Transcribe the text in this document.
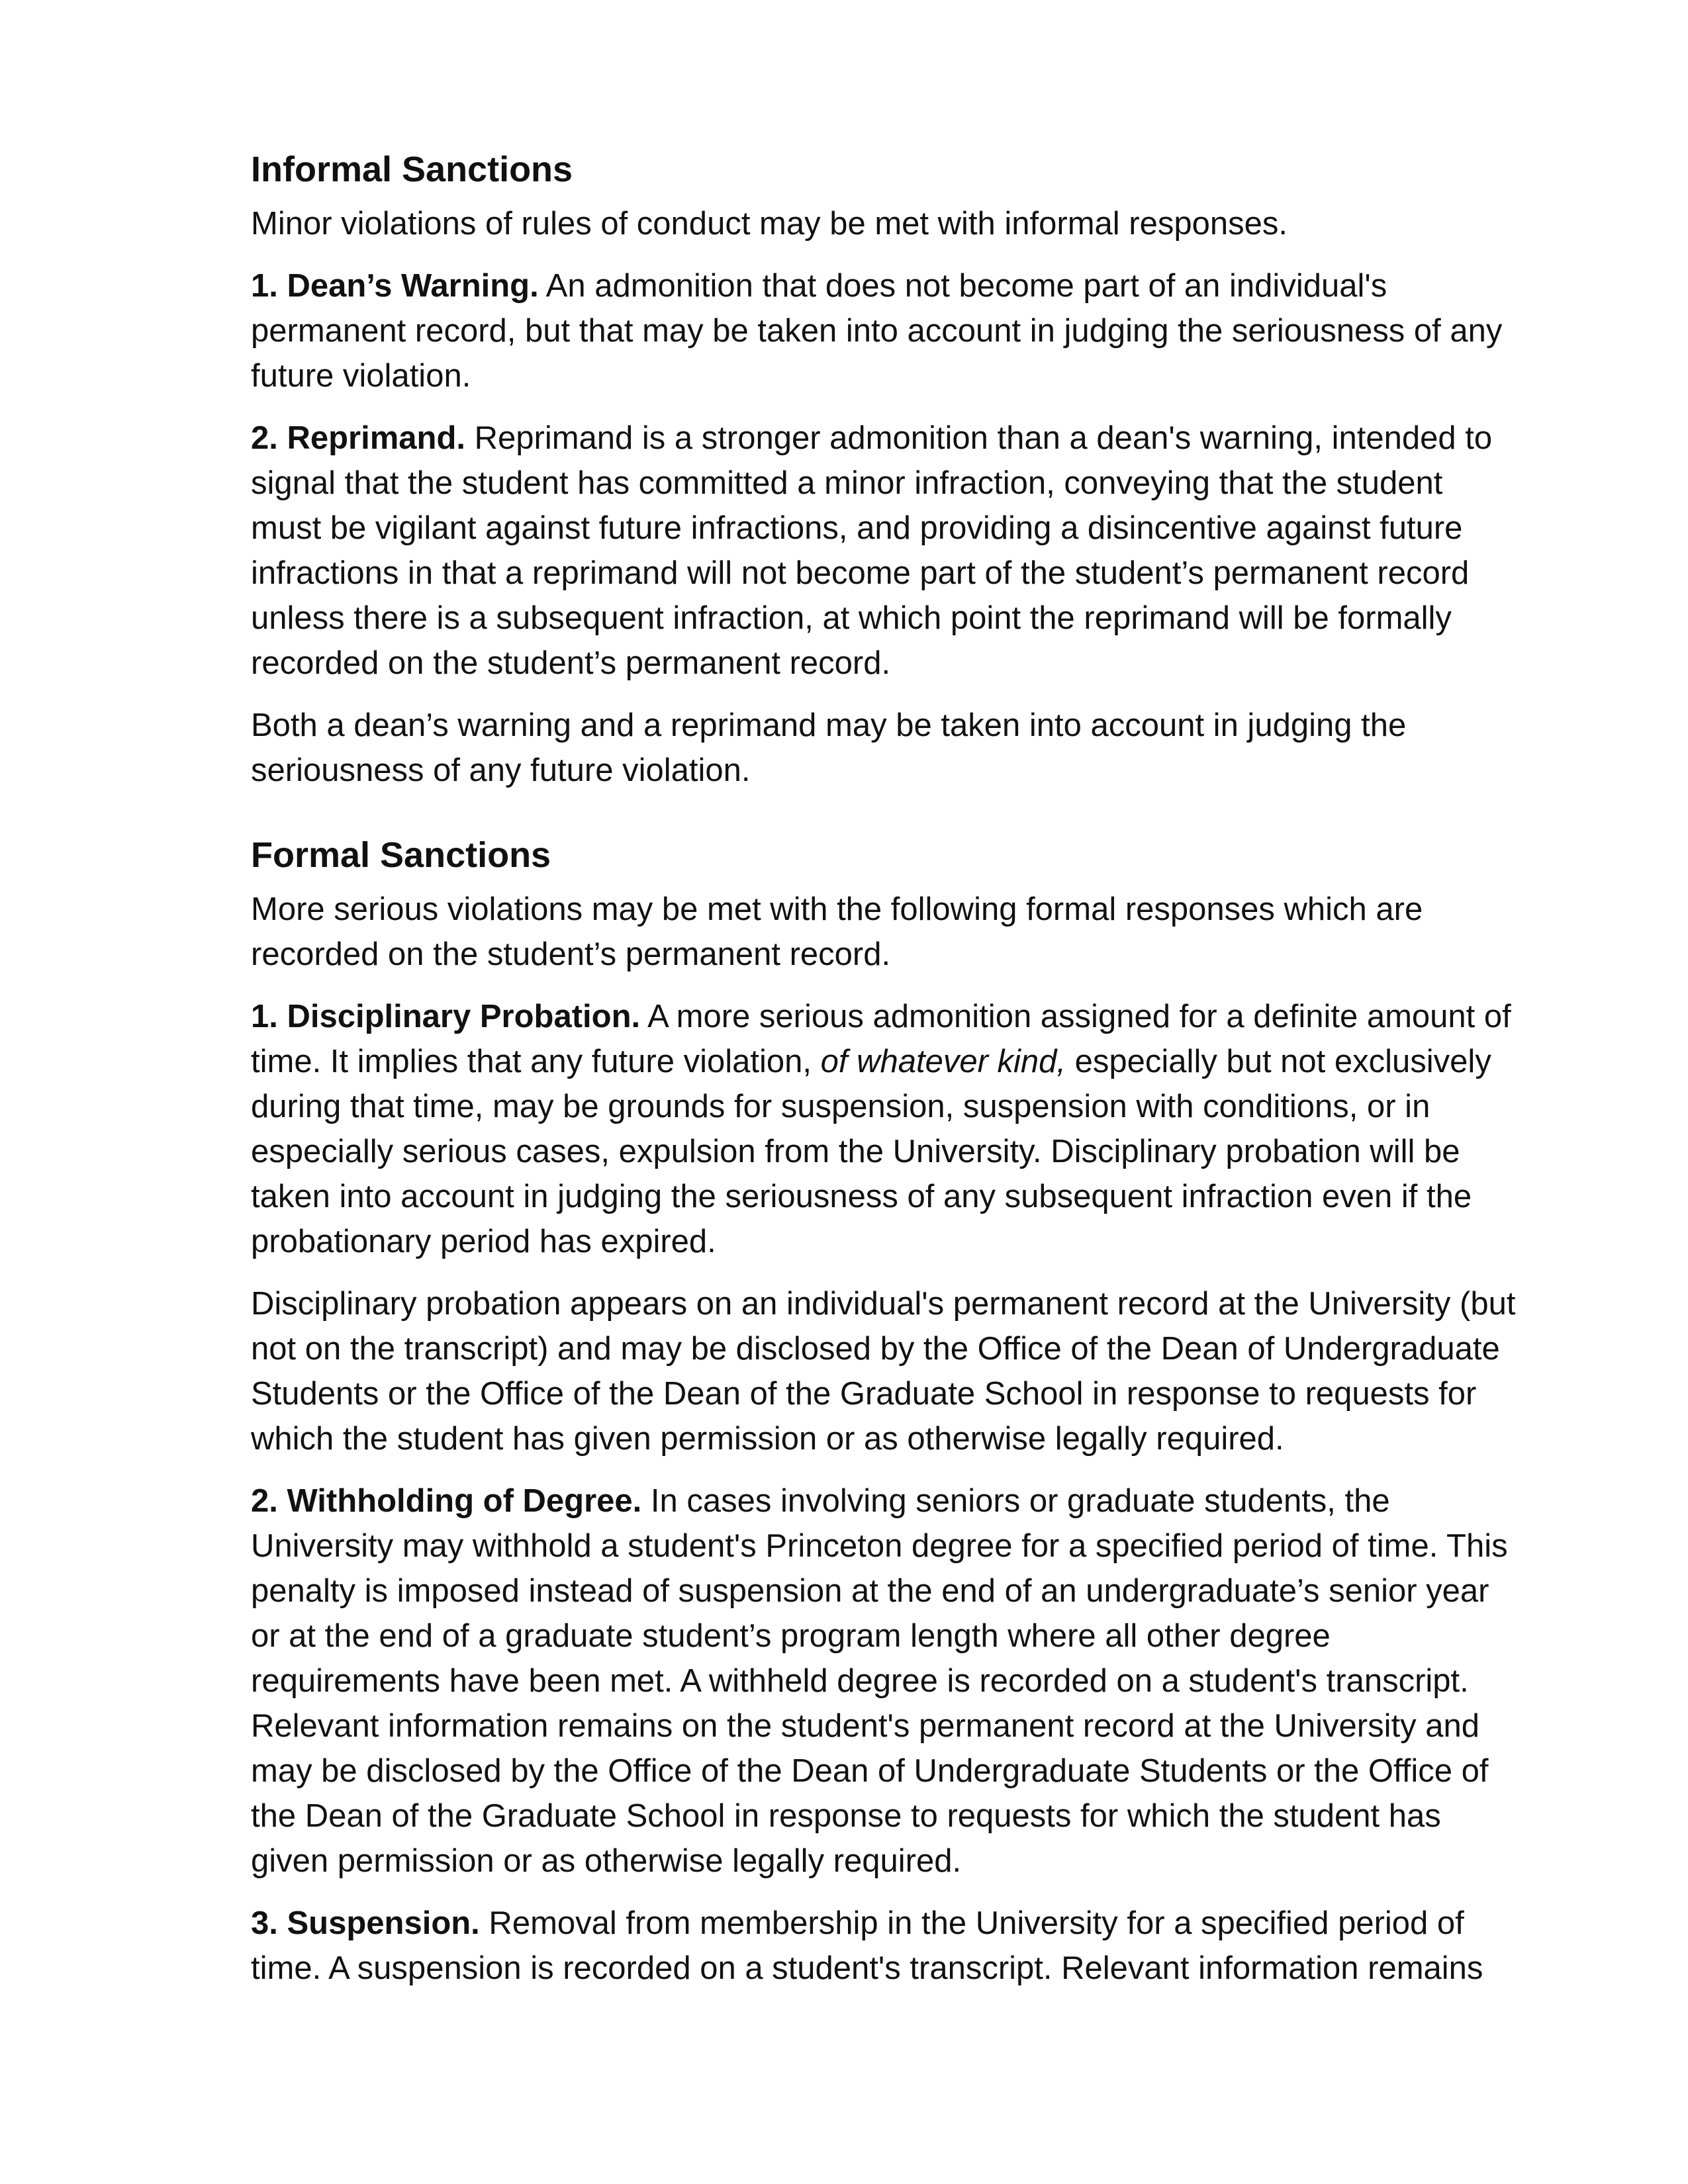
Informal Sanctions

Minor violations of rules of conduct may be met with informal responses.

1. Dean’s Warning. An admonition that does not become part of an individual's permanent record, but that may be taken into account in judging the seriousness of any future violation.

2. Reprimand. Reprimand is a stronger admonition than a dean's warning, intended to signal that the student has committed a minor infraction, conveying that the student must be vigilant against future infractions, and providing a disincentive against future infractions in that a reprimand will not become part of the student’s permanent record unless there is a subsequent infraction, at which point the reprimand will be formally recorded on the student’s permanent record.

Both a dean’s warning and a reprimand may be taken into account in judging the seriousness of any future violation.

Formal Sanctions

More serious violations may be met with the following formal responses which are recorded on the student’s permanent record.

1. Disciplinary Probation. A more serious admonition assigned for a definite amount of time. It implies that any future violation, of whatever kind, especially but not exclusively during that time, may be grounds for suspension, suspension with conditions, or in especially serious cases, expulsion from the University. Disciplinary probation will be taken into account in judging the seriousness of any subsequent infraction even if the probationary period has expired.

Disciplinary probation appears on an individual's permanent record at the University (but not on the transcript) and may be disclosed by the Office of the Dean of Undergraduate Students or the Office of the Dean of the Graduate School in response to requests for which the student has given permission or as otherwise legally required.

2. Withholding of Degree. In cases involving seniors or graduate students, the University may withhold a student's Princeton degree for a specified period of time. This penalty is imposed instead of suspension at the end of an undergraduate’s senior year or at the end of a graduate student’s program length where all other degree requirements have been met. A withheld degree is recorded on a student's transcript. Relevant information remains on the student's permanent record at the University and may be disclosed by the Office of the Dean of Undergraduate Students or the Office of the Dean of the Graduate School in response to requests for which the student has given permission or as otherwise legally required.

3. Suspension. Removal from membership in the University for a specified period of time. A suspension is recorded on a student's transcript. Relevant information remains
